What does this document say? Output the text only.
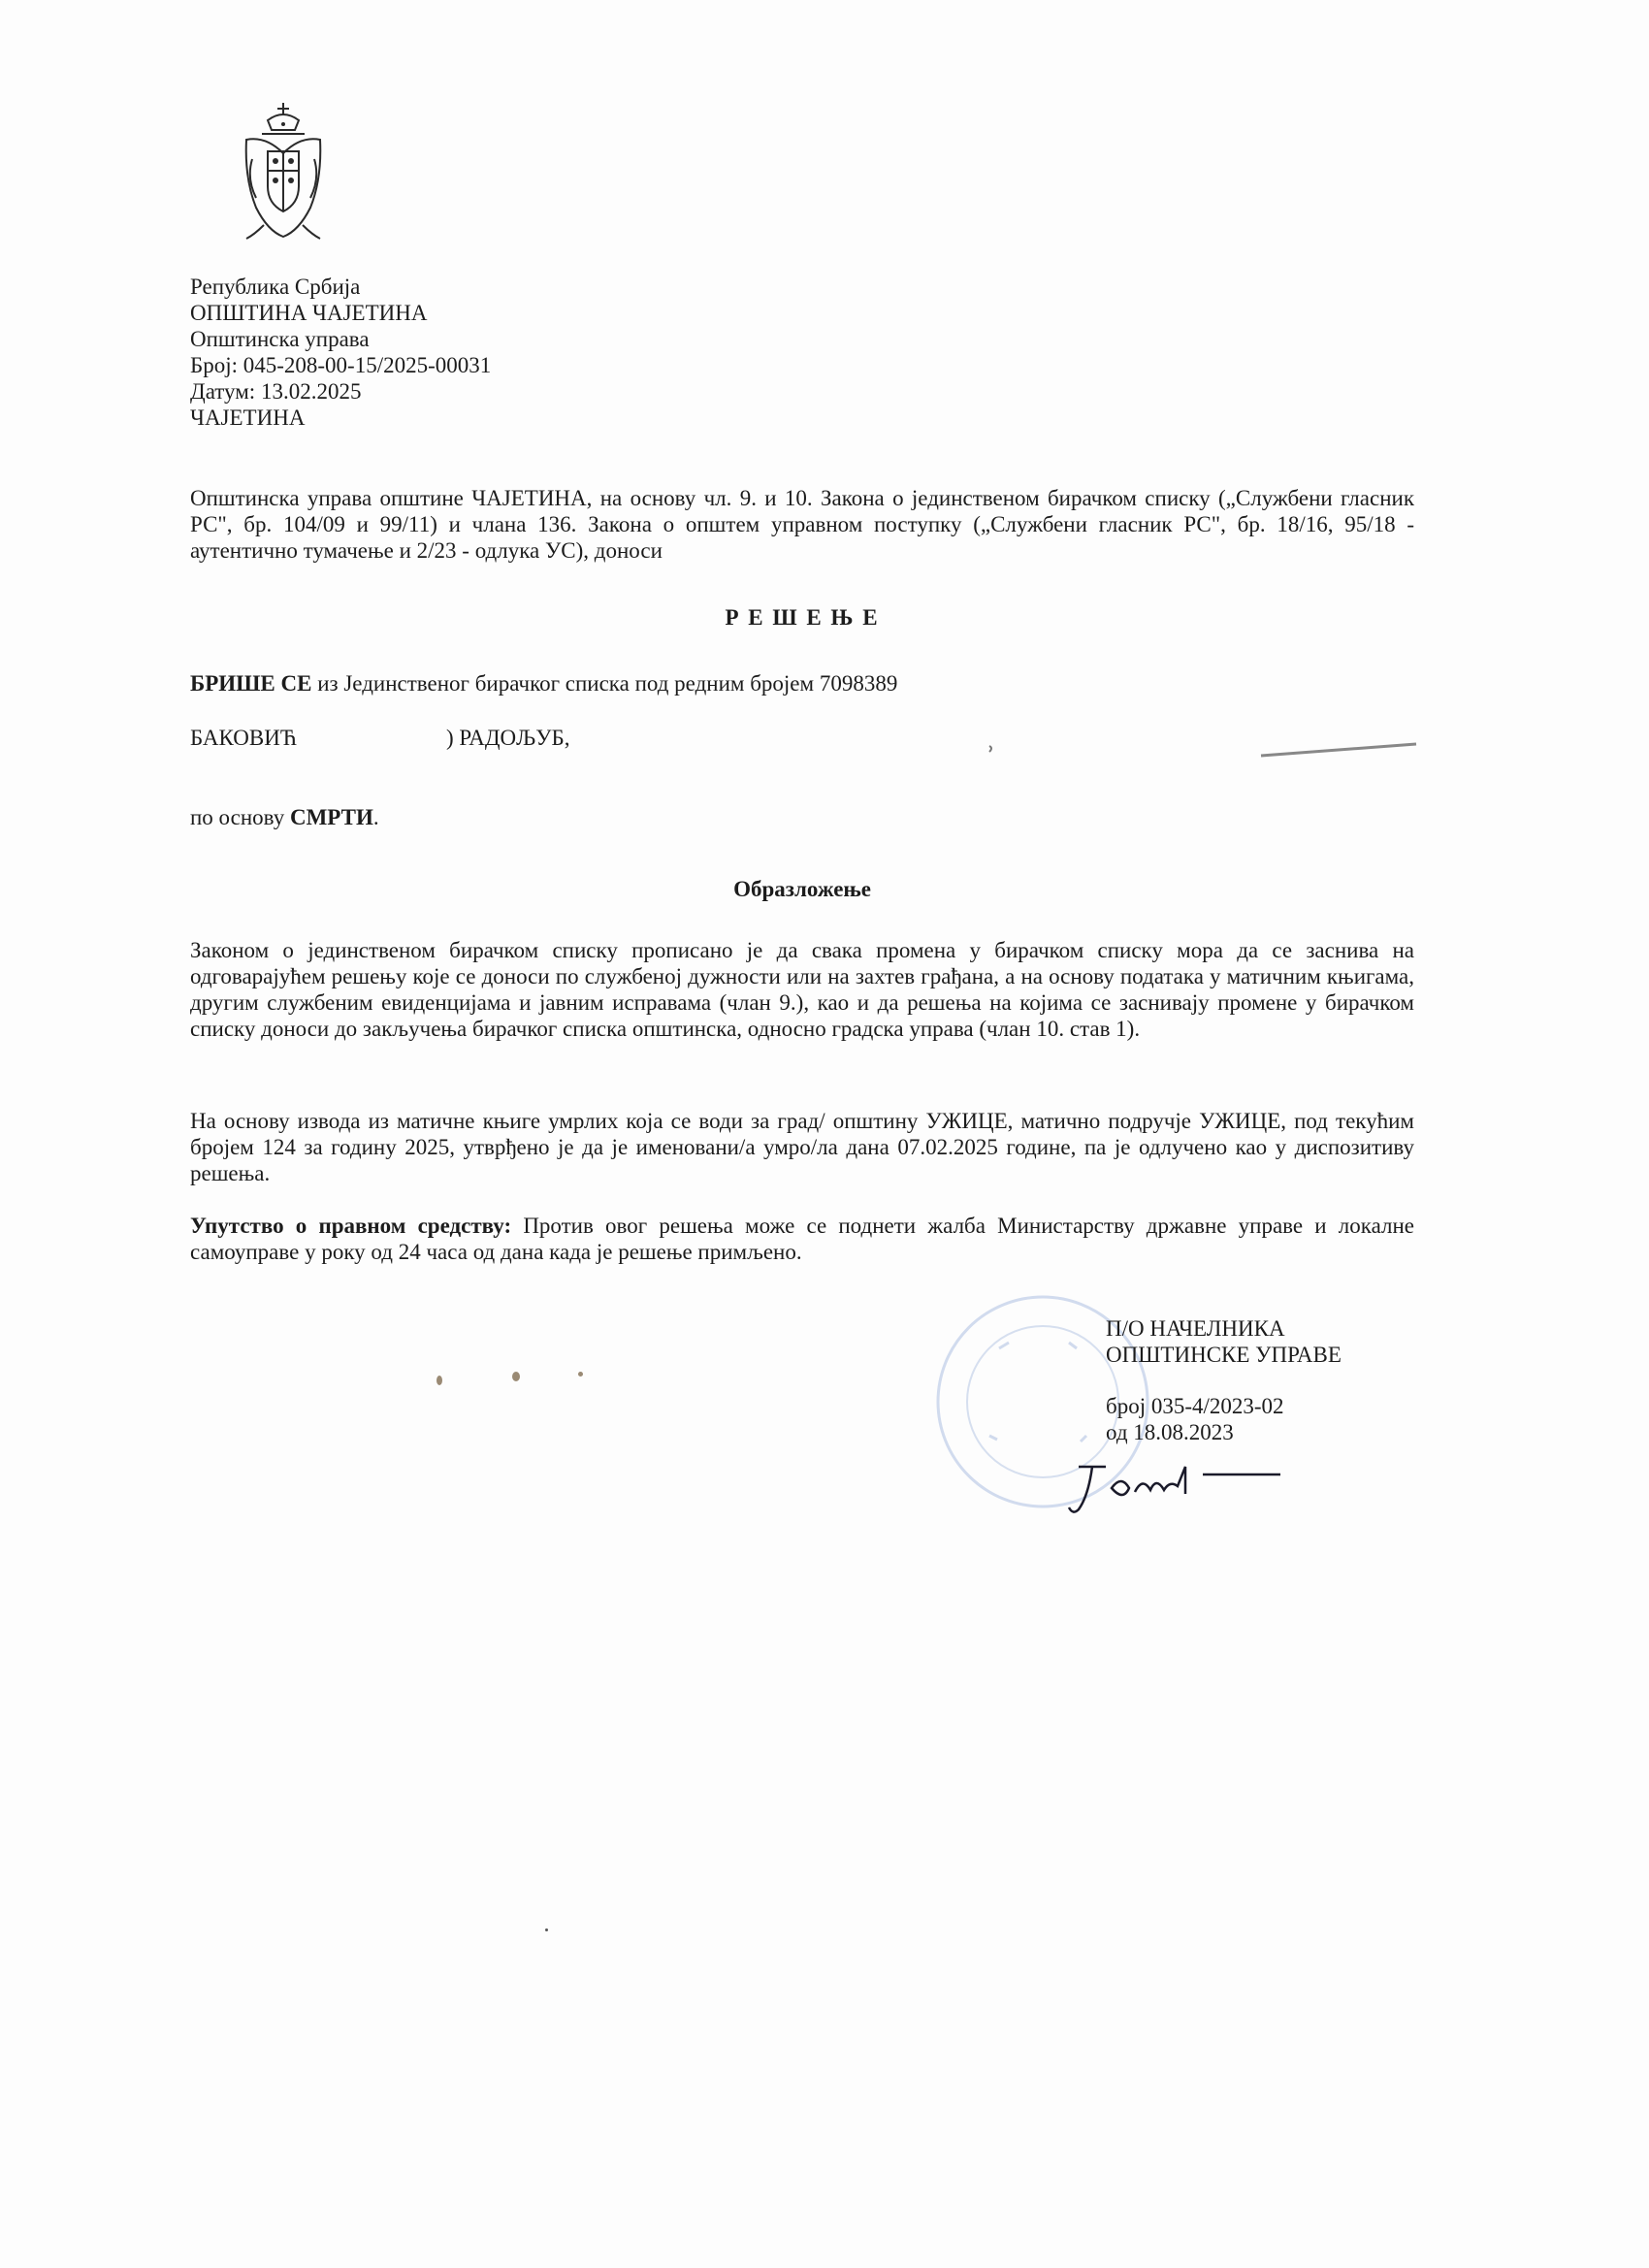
Република Србија
ОПШТИНА ЧАЈЕТИНА
Општинска управа
Број: 045-208-00-15/2025-00031
Датум: 13.02.2025
ЧАЈЕТИНА
Општинска управа општине ЧАЈЕТИНА, на основу чл. 9. и 10. Закона о јединственом бирачком списку („Службени гласник РС", бр. 104/09 и 99/11) и члана 136. Закона о општем управном поступку („Службени гласник РС", бр. 18/16, 95/18 - аутентично тумачење и 2/23 - одлука УС), доноси
Р Е Ш Е Њ Е
БРИШЕ СЕ из Јединственог бирачког списка под редним бројем 7098389
БАКОВИЋ	) РАДОЉУБ,
по основу СМРТИ.
Образложење
Законом о јединственом бирачком списку прописано је да свака промена у бирачком списку мора да се заснива на одговарајућем решењу које се доноси по службеној дужности или на захтев грађана, а на основу података у матичним књигама, другим службеним евиденцијама и јавним исправама (члан 9.), као и да решења на којима се заснивају промене у бирачком списку доноси до закључења бирачког списка општинска, односно градска управа (члан 10. став 1).
На основу извода из матичне књиге умрлих која се води за град/ општину УЖИЦЕ, матично подручје УЖИЦЕ, под текућим бројем 124 за годину 2025, утврђено је да је именовани/а умро/ла дана 07.02.2025 године, па је одлучено као у диспозитиву решења.
Упутство о правном средству: Против овог решења може се поднети жалба Министарству државне управе и локалне самоуправе у року од 24 часа од дана када је решење примљено.
П/О НАЧЕЛНИКА
ОПШТИНСКЕ УПРАВЕ
број 035-4/2023-02
од 18.08.2023
